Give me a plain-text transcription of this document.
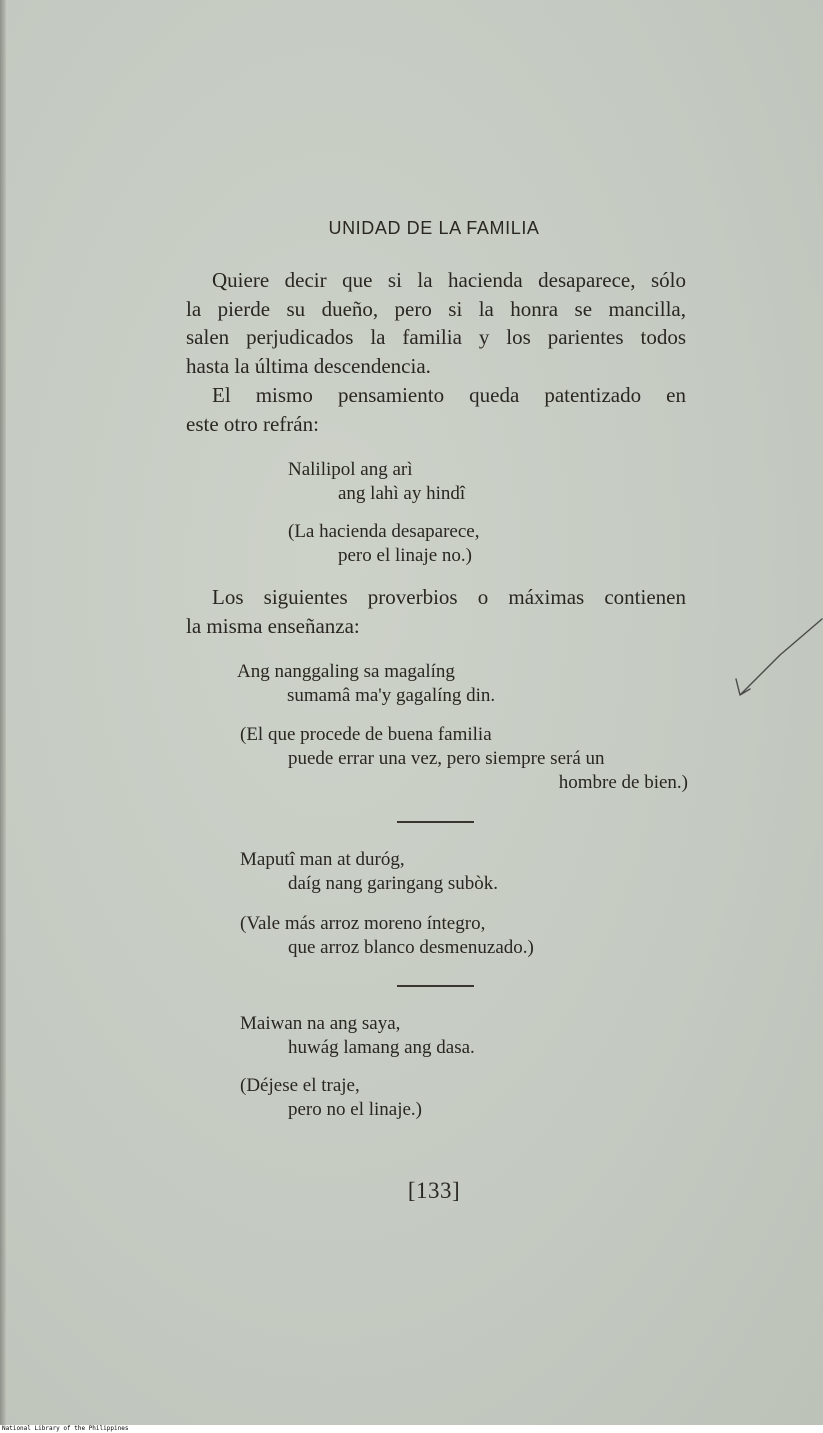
UNIDAD DE LA FAMILIA
Quiere decir que si la hacienda desaparece, sólo
la pierde su dueño, pero si la honra se mancilla,
salen perjudicados la familia y los parientes todos
hasta la última descendencia.
El mismo pensamiento queda patentizado en
este otro refrán:
Nalilipol ang arì
ang lahì ay hindî
(La hacienda desaparece,
pero el linaje no.)
Los siguientes proverbios o máximas contienen
la misma enseñanza:
Ang nanggaling sa magalíng
sumamâ ma'y gagalíng din.
(El que procede de buena familia
puede errar una vez, pero siempre será un
hombre de bien.)
Maputî man at duróg,
daíg nang garingang subòk.
(Vale más arroz moreno íntegro,
que arroz blanco desmenuzado.)
Maiwan na ang saya,
huwág lamang ang dasa.
(Déjese el traje,
pero no el linaje.)
[133]
National Library of the Philippines
